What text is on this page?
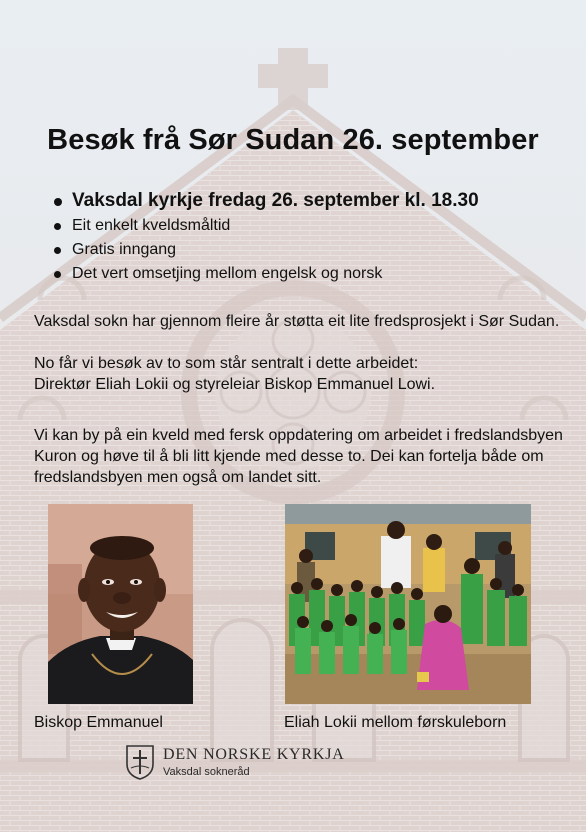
Besøk frå Sør Sudan 26. september
Vaksdal kyrkje fredag 26. september kl. 18.30
Eit enkelt kveldsmåltid
Gratis inngang
Det vert omsetjing mellom engelsk og norsk

Vaksdal sokn har gjennom fleire år støtta eit lite fredsprosjekt i Sør Sudan.

No får vi besøk av to som står sentralt i dette arbeidet:

Direktør Eliah Lokii og styreleiar Biskop Emmanuel Lowi.

Vi kan by på ein kveld med fersk oppdatering om arbeidet i fredslandsbyen Kuron og høve til å bli litt kjende med desse to. Dei kan fortelja både om fredslandsbyen men også om landet sitt.

Biskop Emmanuel	Eliah Lokii mellom førskuleborn
DEN NORSKE KYRKJA
Vaksdal sokneråd
